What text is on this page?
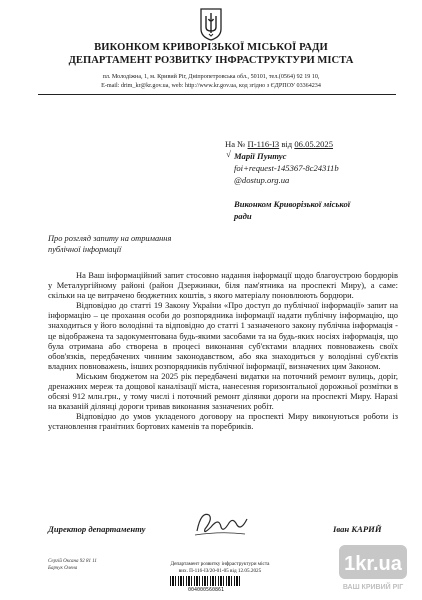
ВИКОНКОМ КРИВОРІЗЬКОЇ МІСЬКОЇ РАДИ
ДЕПАРТАМЕНТ РОЗВИТКУ ІНФРАСТРУКТУРИ МІСТА
пл. Молодіжна, 1, м. Кривий Ріг, Дніпропетровська обл., 50101, тел.(0564) 92 19 10,
E-mail: drim_kr@kr.gov.ua, web: http://www.kr.gov.ua, код згідно з ЄДРПОУ 03364234
На № П-116-ІЗ від 06.05.2025
√ Марії Пунтус
foi+request-145367-8c24311b
@dostup.org.ua
Виконком Криворізької міської
ради
Про розгляд запиту на отримання
публічної інформації

На Ваш інформаційний запит стосовно надання інформації щодо благоустрою бордюрів у Металургійному районі (район Дзержинки, біля пам'ятника на проспекті Миру), а саме: скільки на це витрачено бюджетних коштів, з якого матеріалу поновлюють бордюри.

Відповідно до статті 19 Закону України «Про доступ до публічної інформації» запит на інформацію – це прохання особи до розпорядника інформації надати публічну інформацію, що знаходиться у його володінні та відповідно до статті 1 зазначеного закону публічна інформація - це відображена та задокументована будь-якими засобами та на будь-яких носіях інформація, що була отримана або створена в процесі виконання суб'єктами владних повноважень своїх обов'язків, передбачених чинним законодавством, або яка знаходиться у володінні суб'єктів владних повноважень, інших розпорядників публічної інформації, визначених цим Законом.

Міським бюджетом на 2025 рік передбачені видатки на поточний ремонт вулиць, доріг, дренажних мереж та дощової каналізації міста, нанесення горизонтальної дорожньої розмітки в обсязі 912 млн.грн., у тому числі і поточний ремонт ділянки дороги на проспекті Миру. Наразі на вказаній ділянці дороги тривав виконання зазначених робіт.

Відповідно до умов укладеного договору на проспекті Миру виконуються роботи із установлення гранітних бортових каменів та поребриків.

Директор департаменту	Іван КАРИЙ
Сергій Оксана 92 81 11
Барчук Олена
Департамент розвитку інфраструктури міста
вих. П-116-ІЗ/20-01-05 від 12.05.2025
004000560861
1kr.ua
ВАШ КРИВИЙ РІГ
